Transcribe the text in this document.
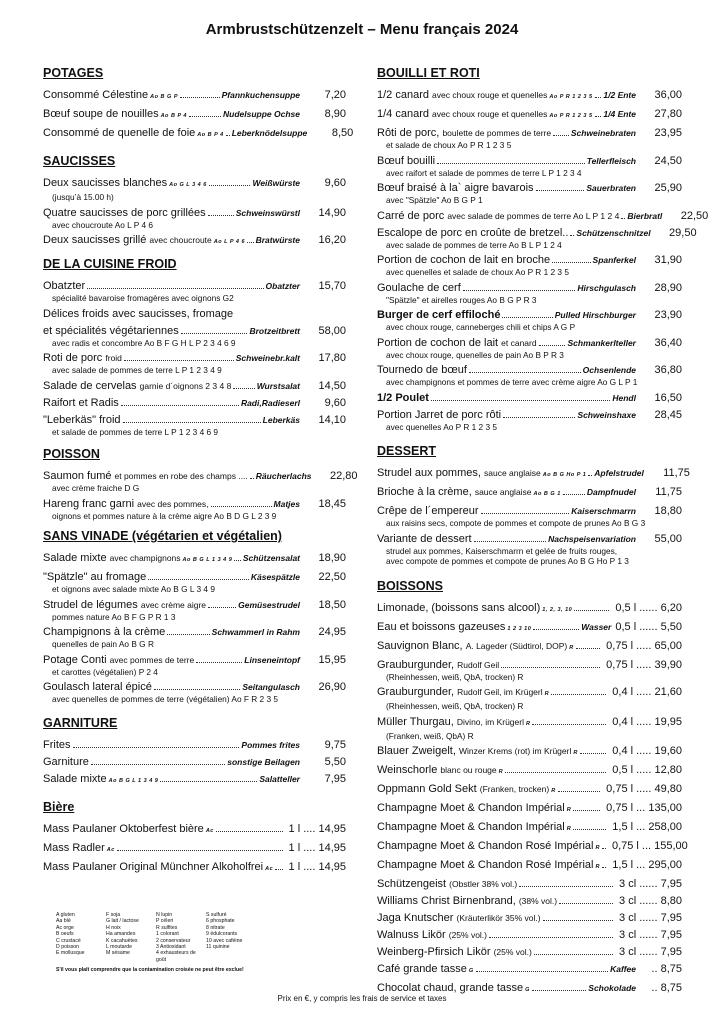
Armbrustschützenzelt – Menu français 2024
POTAGES
Consommé Célestine Ao B G P	Pfannkuchensuppe	7,20
Bœuf soupe de nouilles Ao B P 4	Nudelsuppe Ochse	8,90
Consommé de quenelle de foie Ao B P 4 Leberknödelsuppe	8,50
SAUCISSES
Deux saucisses blanches Ao G L 3 4 6	Weißwürste	9,60
(jusqu’à 15.00 h)
Quatre saucisses de porc grillées	Schweinswürstl	14,90
avec choucroute Ao L P 4 6
Deux saucisses grillé avec choucroute Ao L P 4 6 Bratwürste	16,20
DE LA CUISINE FROID
Obatzter	Obatzter	15,70
spécialité bavaroise fromagères avec oignons G2
Délices froids avec saucisses, fromage
et spécialités végétariennes	Brotzeitbrett	58,00
avec radis et concombre Ao B F G H L P 2 3 4 6 9
Roti de porc froid	Schweinebr.kalt	17,80
avec salade de pommes de terre L P 1 2 3 4 9
Salade de cervelas garnie d´oignons 2 3 4 8	Wurstsalat	14,50
Raifort et Radis	Radi,Radieserl	9,60
"Leberkäs" froid	Leberkäs	14,10
et salade de pommes de terre L P 1 2 3 4 6 9
POISSON
Saumon fumé et pommes en robe des champs .... Räucherlachs	22,80
avec crème fraiche D G
Hareng franc garni avec des pommes,	Matjes	18,45
oignons et pommes nature à la crème aigre Ao B D G L 2 3 9
SANS VINADE (végétarien et végétalien)
Salade mixte avec champignons Ao B G L 1 3 4 9 Schützensalat	18,90
"Spätzle" au fromage	Käsespätzle	22,50
et oignons avec salade mixte Ao B G L 3 4 9
Strudel de légumes avec crème aigre	Gemüsestrudel	18,50
pommes nature Ao B F G P R 1 3
Champignons à la crème	Schwammerl in Rahm	24,95
quenelles de pain Ao B G R
Potage Conti avec pommes de terre	Linseneintopf	15,95
et carottes (végétalien) P 2 4
Goulasch lateral épicé	Seitangulasch	26,90
avec quenelles de pommes de terre (végétalien) Ao F R 2 3 5
GARNITURE
Frites	Pommes frites	9,75
Garniture	sonstige Beilagen	5,50
Salade mixte Ao B G L 1 3 4 9	Salatteller	7,95
Bière
Mass Paulaner Oktoberfest bière Ac	1 l .... 14,95
Mass Radler Ac	1 l .... 14,95
Mass Paulaner Original Münchner Alkoholfrei Ac 1 l .... 14,95
BOUILLI ET ROTI
1/2 canard avec choux rouge et quenelles Ao P R 1 2 3 5 1/2 Ente	36,00
1/4 canard avec choux rouge et quenelles Ao P R 1 2 3 5 1/4 Ente	27,80
Rôti de porc, boulette de pommes de terre Schweinebraten	23,95
et salade de choux Ao P R 1 2 3 5
Bœuf bouilli	Tellerfleisch	24,50
avec raifort et salade de pommes de terre L P 1 2 3 4
Bœuf braisé à la` aigre bavarois	Sauerbraten	25,90
avec "Spätzle" Ao B G P 1
Carré de porc avec salade de pommes de terre Ao L P 1 2 4 Bierbratl	22,50
Escalope de porc en croûte de bretzel.. Schützenschnitzel	29,50
avec salade de pommes de terre Ao B L P 1 2 4
Portion de cochon de lait en broche	Spanferkel	31,90
avec quenelles et salade de choux Ao P R 1 2 3 5
Goulache de cerf	Hirschgulasch	28,90
"Spätzle" et airelles rouges Ao B G P R 3
Burger de cerf effiloché	Pulled Hirschburger	23,90
avec choux rouge, canneberges chili et chips A G P
Portion de cochon de lait et canard	Schmankerlteller	36,40
avec choux rouge, quenelles de pain Ao B P R 3
Tournedo de bœuf	Ochsenlende	36,80
avec champignons et pommes de terre avec crème aigre Ao G L P 1
1/2 Poulet	Hendl	16,50
Portion Jarret de porc rôti	Schweinshaxe	28,45
avec quenelles Ao P R 1 2 3 5
DESSERT
Strudel aux pommes, sauce anglaise Ao B G Ho P 1 Apfelstrudel	11,75
Brioche à la crème, sauce anglaise Ao B G 1	Dampfnudel	11,75
Crêpe de l´empereur	Kaiserschmarrn	18,80
aux raisins secs, compote de pommes et compote de prunes Ao B G 3
Variante de dessert	Nachspeisenvariation	55,00
strudel aux pommes, Kaiserschmarrn et gelée de fruits rouges,
avec compote de pommes et compote de prunes Ao B G Ho P 1 3
BOISSONS
Limonade, (boissons sans alcool) 1, 2, 3, 10	0,5 l ...... 6,20
Eau et boissons gazeuses 1 2 3 10	Wasser 0,5 l ...... 5,50
Sauvignon Blanc, A. Lageder (Südtirol, DOP) R	0,75 l ..... 65,00
Grauburgunder, Rudolf Geil	0,75 l ..... 39,90
(Rheinhessen, weiß, QbA, trocken) R
Grauburgunder, Rudolf Geil, im Krügerl R	0,4 l ..... 21,60
(Rheinhessen, weiß, QbA, trocken) R
Müller Thurgau, Divino, im Krügerl R	0,4 l ..... 19,95
(Franken, weiß, QbA) R
Blauer Zweigelt, Winzer Krems (rot) im Krügerl R	0,4 l ..... 19,60
Weinschorle blanc ou rouge R	0,5 l ..... 12,80
Oppmann Gold Sekt (Franken, trocken) R	0,75 l ..... 49,80
Champagne Moet & Chandon Impérial R	0,75 l ... 135,00
Champagne Moet & Chandon Impérial R	1,5 l ... 258,00
Champagne Moet & Chandon Rosé Impérial R 0,75 l ... 155,00
Champagne Moet & Chandon Rosé Impérial R 1,5 l ... 295,00
Schützengeist (Obstler 38% vol.)	3 cl ...... 7,95
Williams Christ Birnenbrand, (38% vol.)	3 cl ...... 8,80
Jaga Knutscher (Kräuterlikör 35% vol.)	3 cl ...... 7,95
Walnuss Likör (25% vol.)	3 cl ...... 7,95
Weinberg-Pfirsich Likör (25% vol.)	3 cl ...... 7,95
Café grande tasse G	Kaffee	.. 8,75
Chocolat chaud, grande tasse G	Schokolade	.. 8,75
A gluten	F soja	N lupin	S sulfuré
Aa blé	G lait / lactose	P céleri	6 phosphate
Ac orge	H noix	R sulfites	8 nitrate
B oeufs	Ha amandes	1 colorant	9 édulcorants
C crustacé	K cacahuètes	2 conservateur	10 avec caféine
D poisson	L moutarde	3 Antioxidant	11 quinine
E mollusque	M sésame	4 exhausteurs de goût
S'il vous plaît comprendre que la contamination croisée ne peut être exclue!
Prix en €, y compris les frais de service et taxes
